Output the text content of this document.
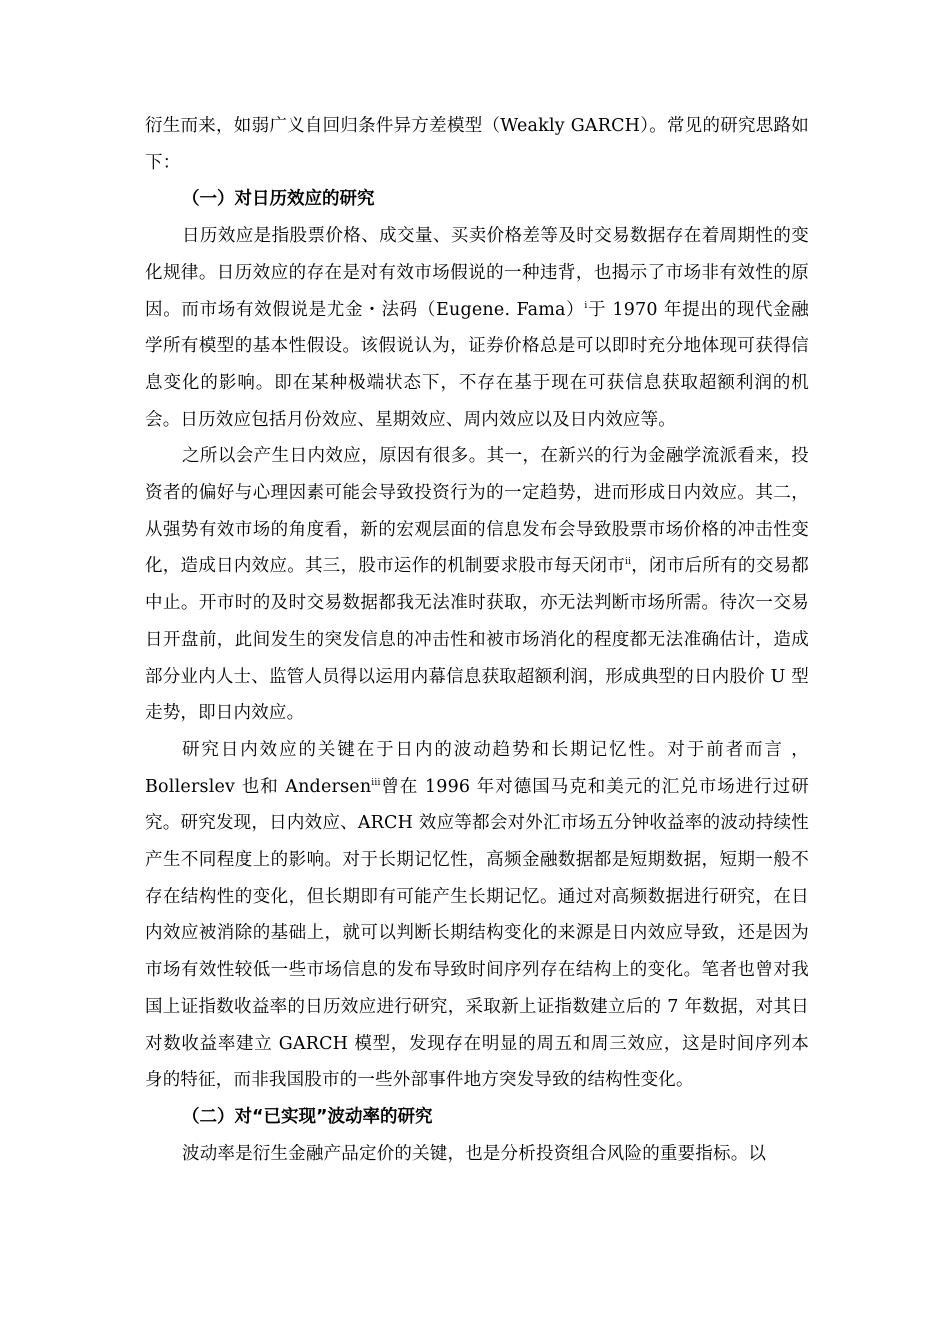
衍生而来，如弱广义自回归条件异方差模型（Weakly GARCH）。常见的研究思路如下：

（一）对日历效应的研究

日历效应是指股票价格、成交量、买卖价格差等及时交易数据存在着周期性的变化规律。日历效应的存在是对有效市场假说的一种违背，也揭示了市场非有效性的原因。而市场有效假说是尤金・法码（Eugene. Fama）$^i$于 1970 年提出的现代金融学所有模型的基本性假设。该假说认为，证券价格总是可以即时充分地体现可获得信息变化的影响。即在某种极端状态下，不存在基于现在可获信息获取超额利润的机会。日历效应包括月份效应、星期效应、周内效应以及日内效应等。

之所以会产生日内效应，原因有很多。其一，在新兴的行为金融学流派看来，投资者的偏好与心理因素可能会导致投资行为的一定趋势，进而形成日内效应。其二，从强势有效市场的角度看，新的宏观层面的信息发布会导致股票市场价格的冲击性变化，造成日内效应。其三，股市运作的机制要求股市每天闭市$^{ii}$，闭市后所有的交易都中止。开市时的及时交易数据都我无法准时获取，亦无法判断市场所需。待次一交易日开盘前，此间发生的突发信息的冲击性和被市场消化的程度都无法准确估计，造成部分业内人士、监管人员得以运用内幕信息获取超额利润，形成典型的日内股价 U 型走势，即日内效应。

研究日内效应的关键在于日内的波动趋势和长期记忆性。对于前者而言 ，Bollerslev 也和 Andersen$^{iii}$曾在 1996 年对德国马克和美元的汇兑市场进行过研究。研究发现，日内效应、ARCH 效应等都会对外汇市场五分钟收益率的波动持续性产生不同程度上的影响。对于长期记忆性，高频金融数据都是短期数据，短期一般不存在结构性的变化，但长期即有可能产生长期记忆。通过对高频数据进行研究，在日内效应被消除的基础上，就可以判断长期结构变化的来源是日内效应导致，还是因为市场有效性较低一些市场信息的发布导致时间序列存在结构上的变化。笔者也曾对我国上证指数收益率的日历效应进行研究，采取新上证指数建立后的 7 年数据，对其日对数收益率建立 GARCH 模型，发现存在明显的周五和周三效应，这是时间序列本身的特征，而非我国股市的一些外部事件地方突发导致的结构性变化。

（二）对“已实现”波动率的研究

波动率是衍生金融产品定价的关键，也是分析投资组合风险的重要指标。以
